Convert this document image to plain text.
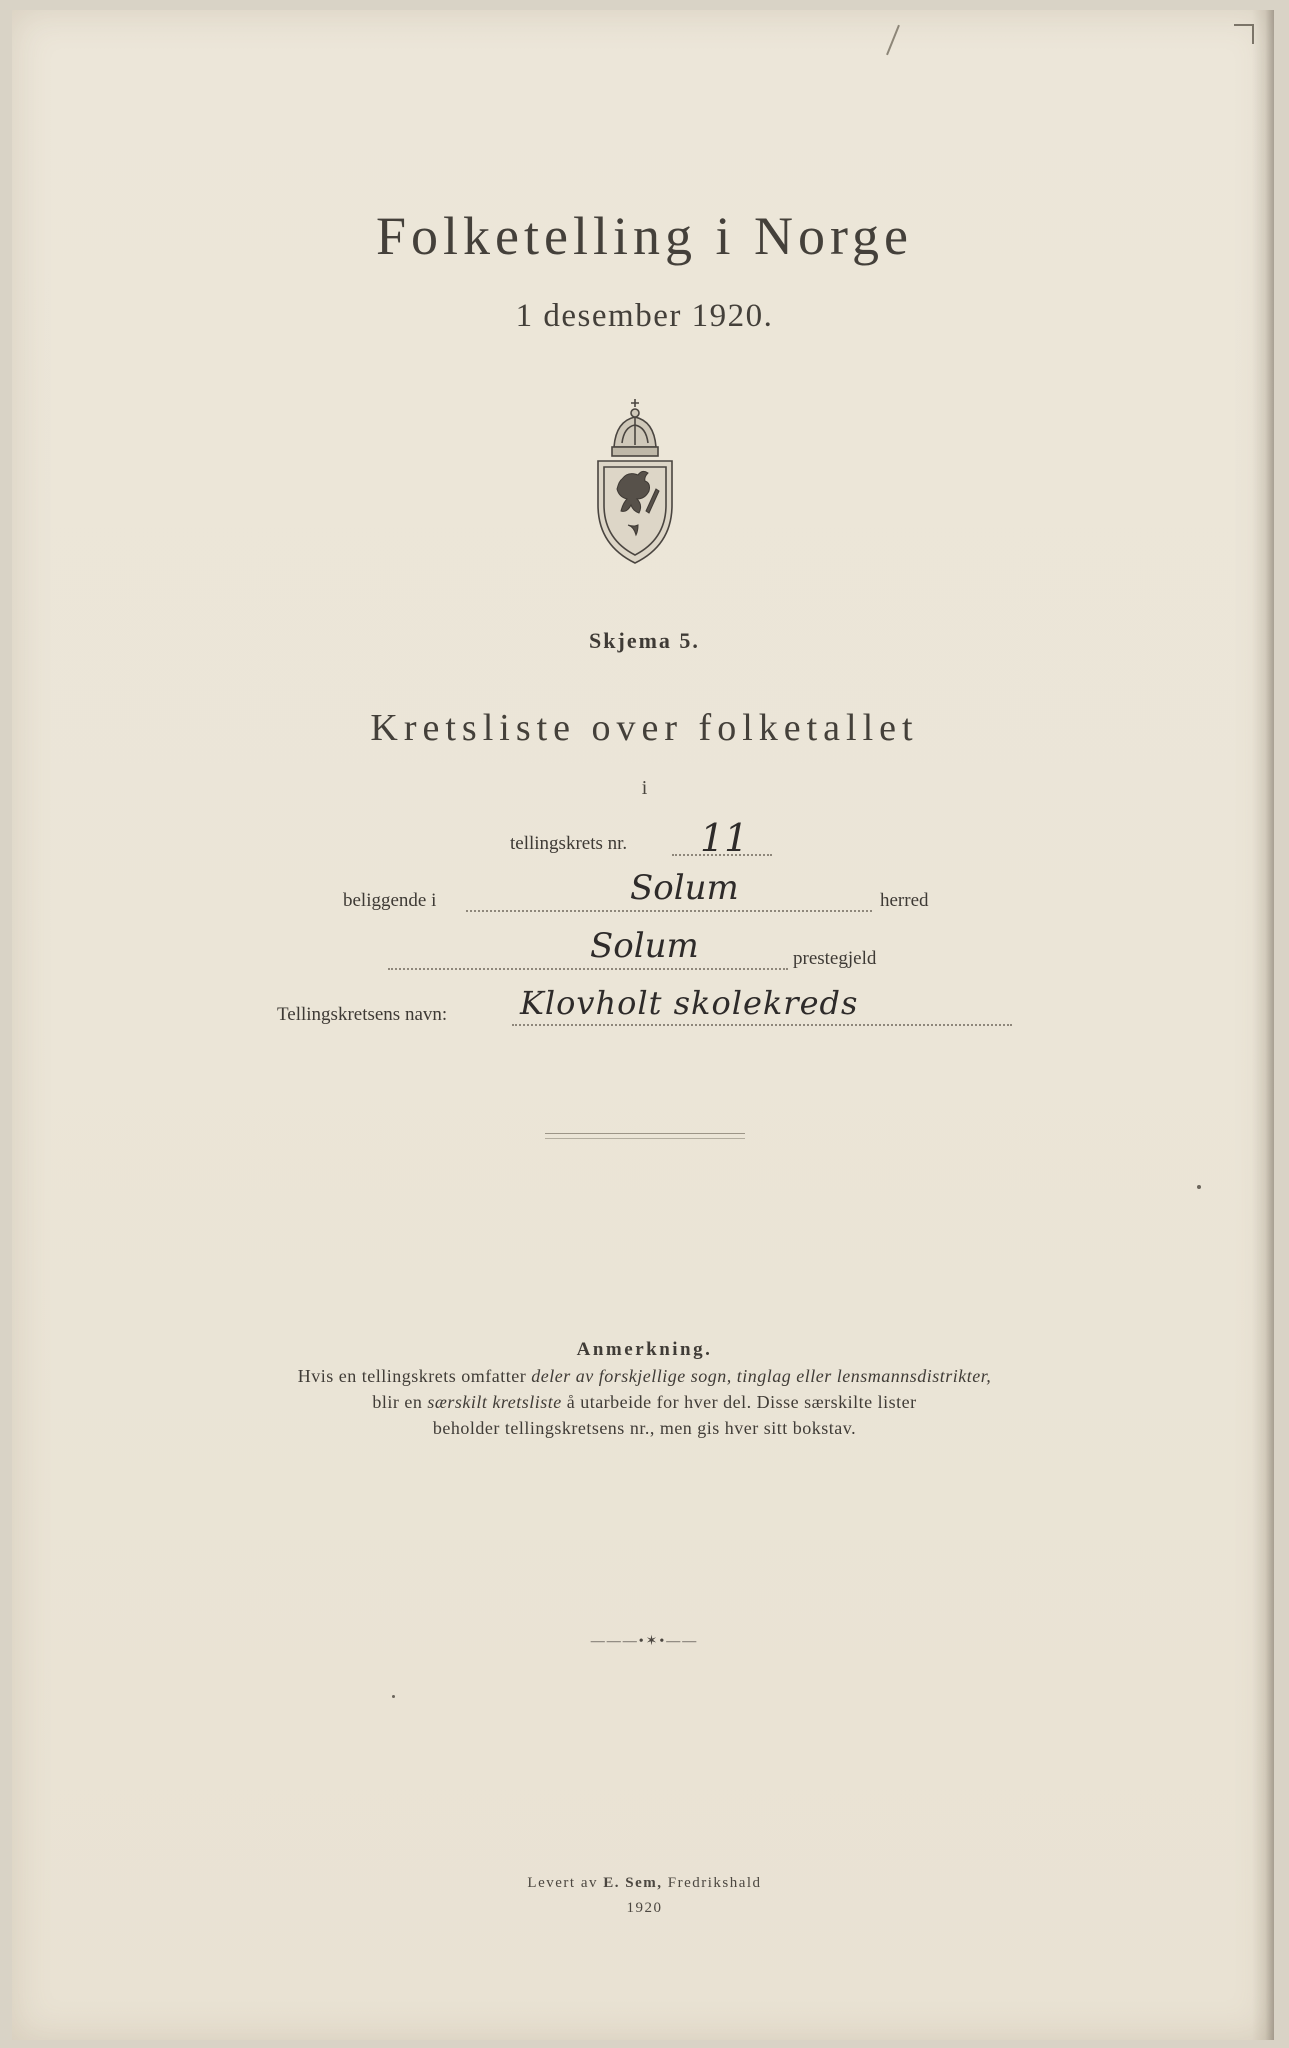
Folketelling i Norge
1 desember 1920.
Skjema 5.
Kretsliste over folketallet
i
tellingskrets nr. 11
beliggende i	Solum	herred
Solum	prestegjeld
Tellingskretsens navn: Klovholt skolekreds
Anmerkning.
Hvis en tellingskrets omfatter deler av forskjellige sogn, tinglag eller lensmannsdistrikter,
blir en særskilt kretsliste å utarbeide for hver del. Disse særskilte lister
beholder tellingskretsens nr., men gis hver sitt bokstav.
———•✶•——
Levert av E. Sem, Fredrikshald
1920
